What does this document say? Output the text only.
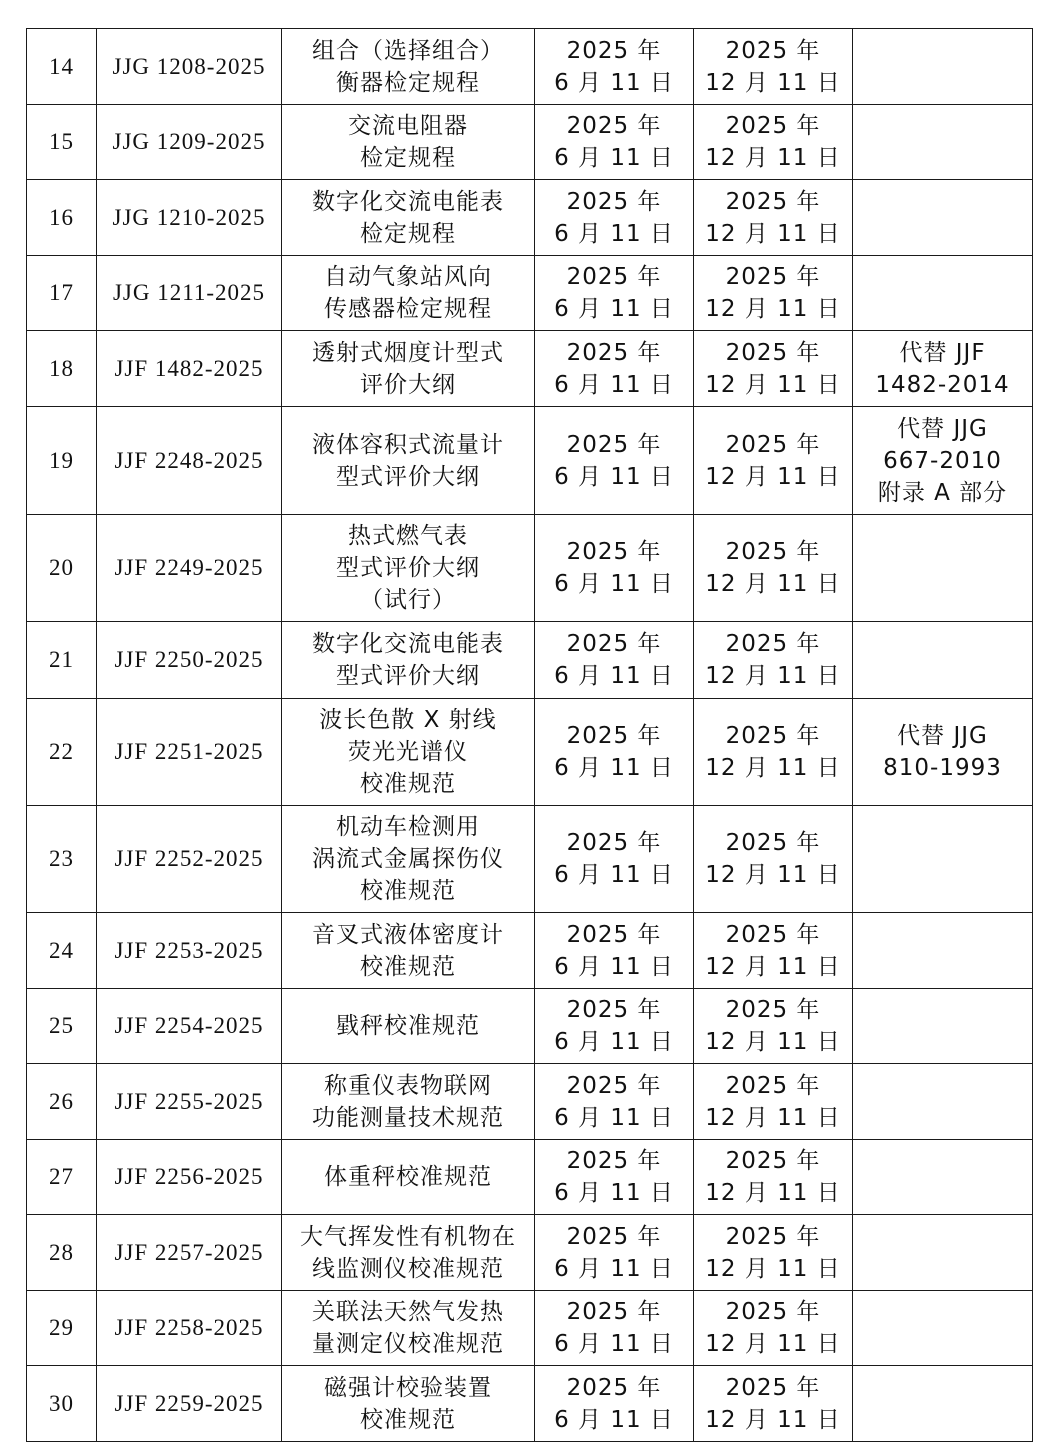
14	JJG 1208-2025	组合（选择组合）
衡器检定规程	2025 年
6 月 11 日	2025 年
12 月 11 日	

15	JJG 1209-2025	交流电阻器
检定规程	2025 年
6 月 11 日	2025 年
12 月 11 日	

16	JJG 1210-2025	数字化交流电能表
检定规程	2025 年
6 月 11 日	2025 年
12 月 11 日	

17	JJG 1211-2025	自动气象站风向
传感器检定规程	2025 年
6 月 11 日	2025 年
12 月 11 日	

18	JJF 1482-2025	透射式烟度计型式
评价大纲	2025 年
6 月 11 日	2025 年
12 月 11 日	代替 JJF
1482-2014

19	JJF 2248-2025	液体容积式流量计
型式评价大纲	2025 年
6 月 11 日	2025 年
12 月 11 日	代替 JJG
667-2010
附录 A 部分

20	JJF 2249-2025	热式燃气表
型式评价大纲
（试行）	2025 年
6 月 11 日	2025 年
12 月 11 日	

21	JJF 2250-2025	数字化交流电能表
型式评价大纲	2025 年
6 月 11 日	2025 年
12 月 11 日	

22	JJF 2251-2025	波长色散 X 射线
荧光光谱仪
校准规范	2025 年
6 月 11 日	2025 年
12 月 11 日	代替 JJG
810-1993

23	JJF 2252-2025	机动车检测用
涡流式金属探伤仪
校准规范	2025 年
6 月 11 日	2025 年
12 月 11 日	

24	JJF 2253-2025	音叉式液体密度计
校准规范	2025 年
6 月 11 日	2025 年
12 月 11 日	

25	JJF 2254-2025	戥秤校准规范	2025 年
6 月 11 日	2025 年
12 月 11 日	

26	JJF 2255-2025	称重仪表物联网
功能测量技术规范	2025 年
6 月 11 日	2025 年
12 月 11 日	

27	JJF 2256-2025	体重秤校准规范	2025 年
6 月 11 日	2025 年
12 月 11 日	

28	JJF 2257-2025	大气挥发性有机物在
线监测仪校准规范	2025 年
6 月 11 日	2025 年
12 月 11 日	

29	JJF 2258-2025	关联法天然气发热
量测定仪校准规范	2025 年
6 月 11 日	2025 年
12 月 11 日	

30	JJF 2259-2025	磁强计校验装置
校准规范	2025 年
6 月 11 日	2025 年
12 月 11 日	
